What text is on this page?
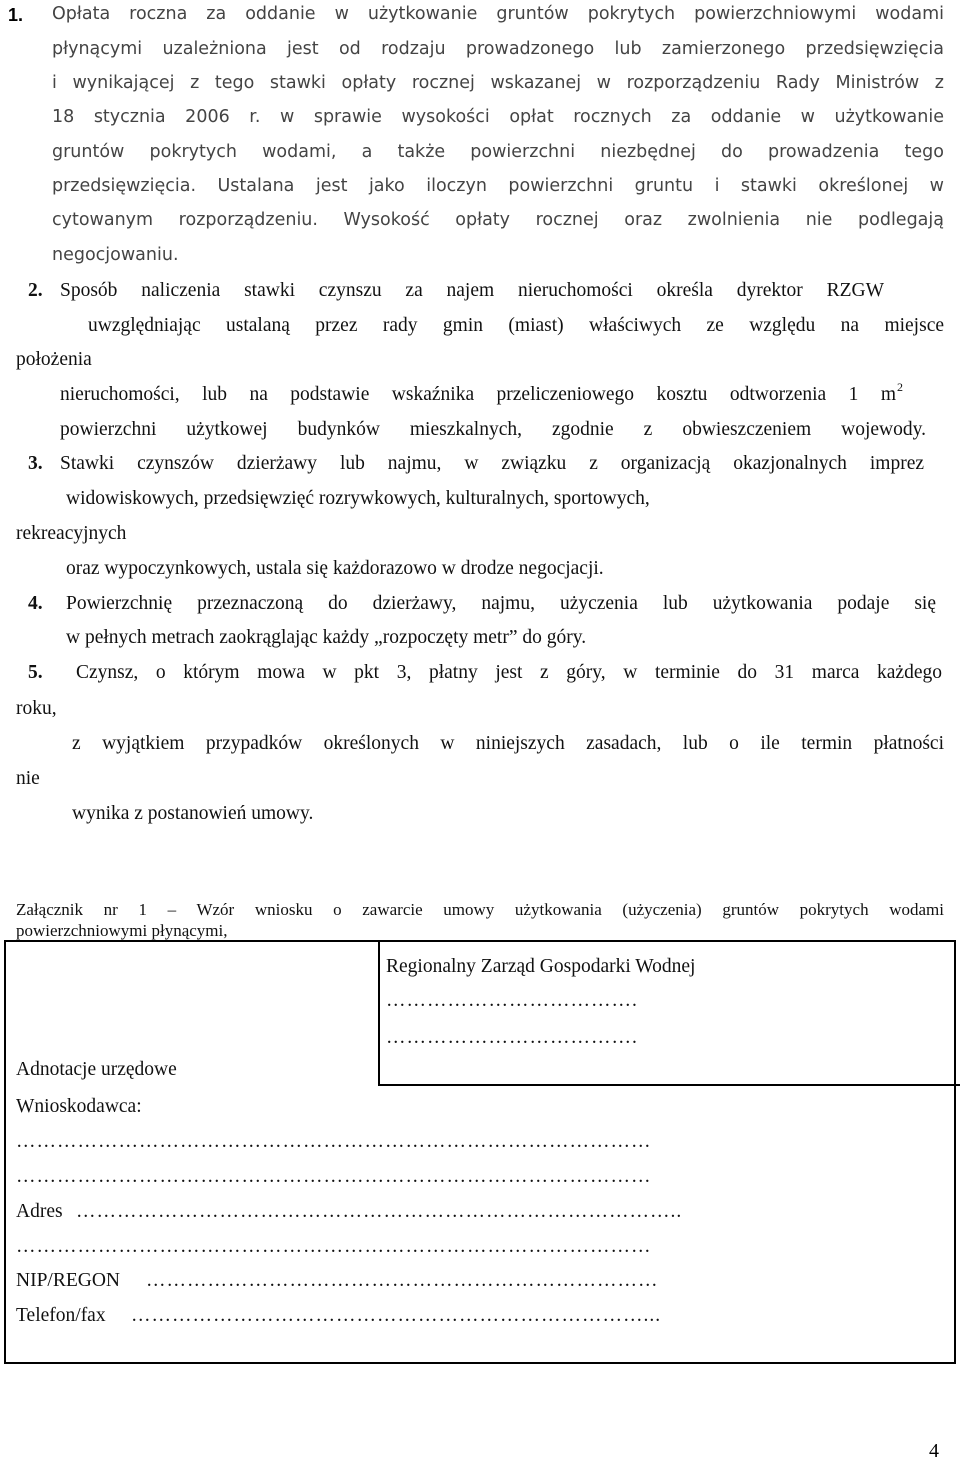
1. Opłata roczna za oddanie w użytkowanie gruntów pokrytych powierzchniowymi wodami
płynącymi uzależniona jest od rodzaju prowadzonego lub zamierzonego przedsięwzięcia
i wynikającej z tego stawki opłaty rocznej wskazanej w rozporządzeniu Rady Ministrów z
18 stycznia 2006 r. w sprawie wysokości opłat rocznych za oddanie w użytkowanie
gruntów pokrytych wodami, a także powierzchni niezbędnej do prowadzenia tego
przedsięwzięcia. Ustalana jest jako iloczyn powierzchni gruntu i stawki określonej w
cytowanym rozporządzeniu. Wysokość opłaty rocznej oraz zwolnienia nie podlegają
negocjowaniu.
2. Sposób naliczenia stawki czynszu za najem nieruchomości określa dyrektor RZGW
uwzględniając ustalaną przez rady gmin (miast) właściwych ze względu na miejsce
położenia
nieruchomości, lub na podstawie wskaźnika przeliczeniowego kosztu odtworzenia 1 m 2
powierzchni użytkowej budynków mieszkalnych, zgodnie z obwieszczeniem wojewody.
3. Stawki czynszów dzierżawy lub najmu, w związku z organizacją okazjonalnych imprez
widowiskowych, przedsięwzięć rozrywkowych, kulturalnych, sportowych,
rekreacyjnych
oraz wypoczynkowych, ustala się każdorazowo w drodze negocjacji.
4. Powierzchnię przeznaczoną do dzierżawy, najmu, użyczenia lub użytkowania podaje się
w pełnych metrach zaokrąglając każdy „rozpoczęty metr” do góry.
5. Czynsz, o którym mowa w pkt 3, płatny jest z góry, w terminie do 31 marca każdego
roku,
z wyjątkiem przypadków określonych w niniejszych zasadach, lub o ile termin płatności
nie
wynika z postanowień umowy.
Załącznik nr 1 – Wzór wniosku o zawarcie umowy użytkowania (użyczenia) gruntów pokrytych wodami
powierzchniowymi płynącymi,
Regionalny Zarząd Gospodarki Wodnej
……………………………….
……………………………….
Adnotacje urzędowe
Wnioskodawca:
…………………………………………………………………………………
…………………………………………………………………………………
Adres ……………………………………………………………………………..
…………………………………………………………………………………
NIP/REGON …………………………………………………………………
Telefon/fax …………………………………………………………………...
4
